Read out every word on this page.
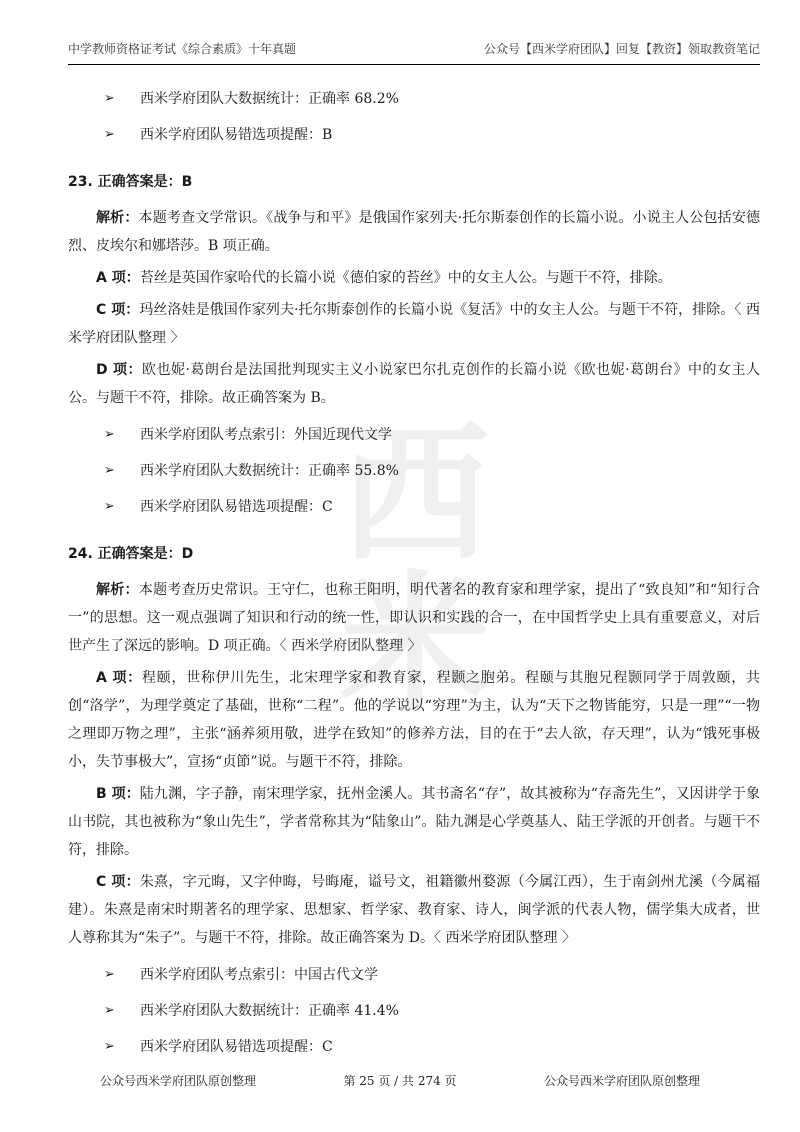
中学教师资格证考试《综合素质》十年真题	公众号【西米学府团队】回复【教资】领取教资笔记
西米
➢	西米学府团队大数据统计：正确率 68.2%
➢	西米学府团队易错选项提醒：B
23. 正确答案是：B

解析：本题考查文学常识。《战争与和平》是俄国作家列夫·托尔斯泰创作的长篇小说。小说主人公包括安德烈、皮埃尔和娜塔莎。B 项正确。

A 项：苔丝是英国作家哈代的长篇小说《德伯家的苔丝》中的女主人公。与题干不符，排除。

C 项：玛丝洛娃是俄国作家列夫·托尔斯泰创作的长篇小说《复活》中的女主人公。与题干不符，排除。〈 西米学府团队整理 〉

D 项：欧也妮·葛朗台是法国批判现实主义小说家巴尔扎克创作的长篇小说《欧也妮·葛朗台》中的女主人公。与题干不符，排除。故正确答案为 B。

➢	西米学府团队考点索引：外国近现代文学
➢	西米学府团队大数据统计：正确率 55.8%
➢	西米学府团队易错选项提醒：C
24. 正确答案是：D

解析：本题考查历史常识。王守仁，也称王阳明，明代著名的教育家和理学家，提出了“致良知”和“知行合一”的思想。这一观点强调了知识和行动的统一性，即认识和实践的合一，在中国哲学史上具有重要意义，对后世产生了深远的影响。D 项正确。〈 西米学府团队整理 〉

A 项：程颐，世称伊川先生，北宋理学家和教育家，程颢之胞弟。程颐与其胞兄程颢同学于周敦颐，共创“洛学”，为理学奠定了基础，世称“二程”。他的学说以“穷理”为主，认为“天下之物皆能穷，只是一理”“一物之理即万物之理”，主张“涵养须用敬，进学在致知”的修养方法，目的在于“去人欲，存天理”，认为“饿死事极小，失节事极大”，宣扬“贞節”说。与题干不符，排除。

B 项：陆九渊，字子静，南宋理学家，抚州金溪人。其书斋名“存”，故其被称为“存斋先生”，又因讲学于象山书院，其也被称为“象山先生”，学者常称其为“陆象山”。陆九渊是心学奠基人、陆王学派的开创者。与题干不符，排除。

C 项：朱熹，字元晦，又字仲晦，号晦庵，谥号文，祖籍徽州婺源（今属江西），生于南剑州尤溪（今属福建）。朱熹是南宋时期著名的理学家、思想家、哲学家、教育家、诗人，闽学派的代表人物，儒学集大成者，世人尊称其为“朱子”。与题干不符，排除。故正确答案为 D。〈 西米学府团队整理 〉

➢	西米学府团队考点索引：中国古代文学
➢	西米学府团队大数据统计：正确率 41.4%
➢	西米学府团队易错选项提醒：C
公众号西米学府团队原创整理	第 25 页 / 共 274 页	公众号西米学府团队原创整理
